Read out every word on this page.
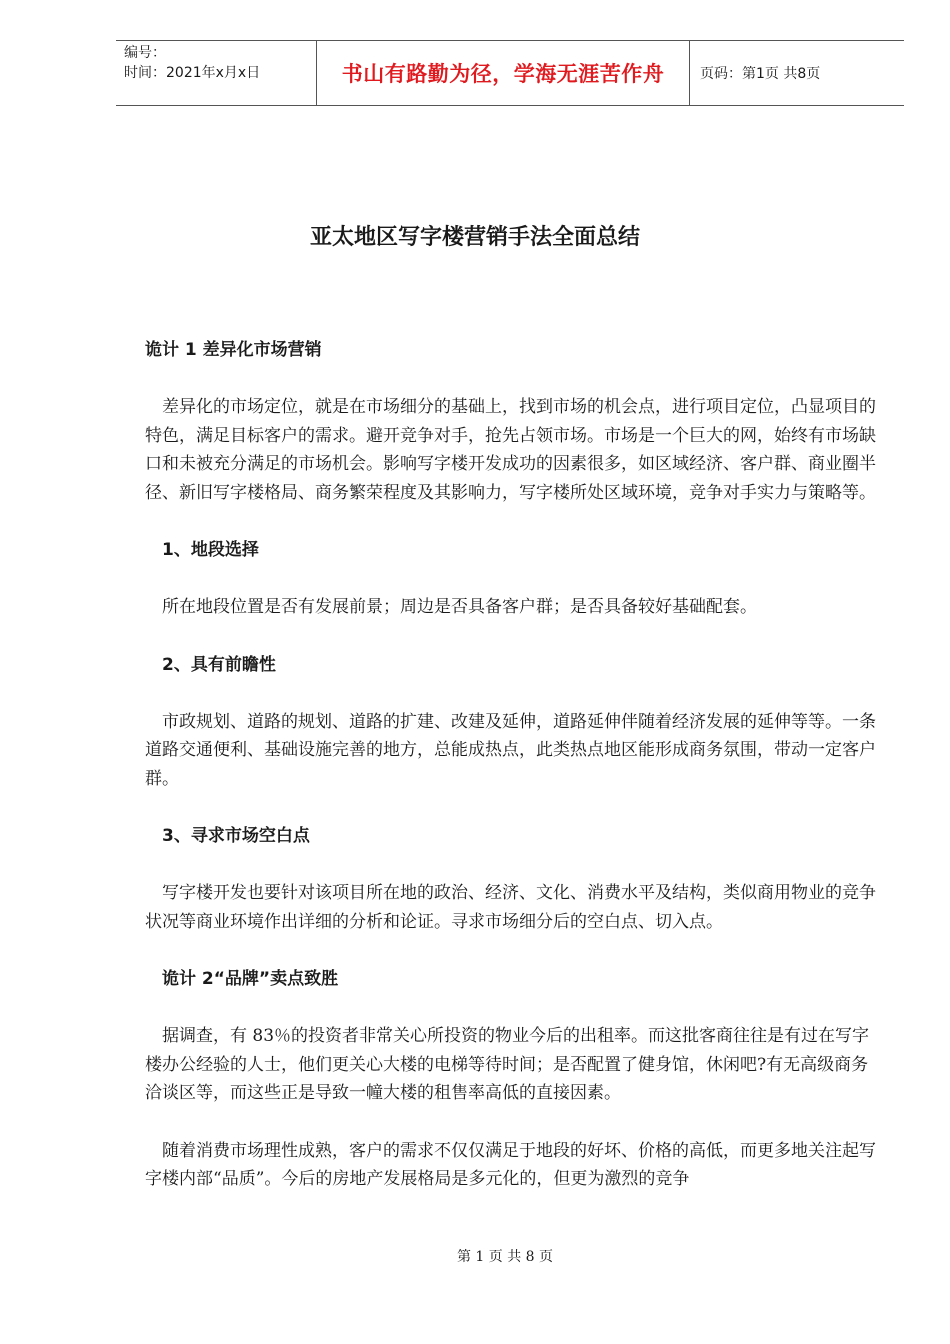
编号：
时间：2021年x月x日	书山有路勤为径，学海无涯苦作舟	页码：第1页 共8页
亚太地区写字楼营销手法全面总结
诡计 1 差异化市场营销
差异化的市场定位，就是在市场细分的基础上，找到市场的机会点，进行项目定位，凸显项目的特色，满足目标客户的需求。避开竞争对手，抢先占领市场。市场是一个巨大的网，始终有市场缺口和未被充分满足的市场机会。影响写字楼开发成功的因素很多，如区域经济、客户群、商业圈半径、新旧写字楼格局、商务繁荣程度及其影响力，写字楼所处区域环境，竞争对手实力与策略等。
1、地段选择
所在地段位置是否有发展前景；周边是否具备客户群；是否具备较好基础配套。
2、具有前瞻性
市政规划、道路的规划、道路的扩建、改建及延伸，道路延伸伴随着经济发展的延伸等等。一条道路交通便利、基础设施完善的地方，总能成热点，此类热点地区能形成商务氛围，带动一定客户群。
3、寻求市场空白点
写字楼开发也要针对该项目所在地的政治、经济、文化、消费水平及结构，类似商用物业的竞争状况等商业环境作出详细的分析和论证。寻求市场细分后的空白点、切入点。
诡计 2“品牌”卖点致胜
据调查，有 83％的投资者非常关心所投资的物业今后的出租率。而这批客商往往是有过在写字楼办公经验的人士，他们更关心大楼的电梯等待时间；是否配置了健身馆，休闲吧?有无高级商务洽谈区等，而这些正是导致一幢大楼的租售率高低的直接因素。
随着消费市场理性成熟，客户的需求不仅仅满足于地段的好坏、价格的高低，而更多地关注起写字楼内部“品质”。今后的房地产发展格局是多元化的，但更为激烈的竞争
第 1 页 共 8 页
